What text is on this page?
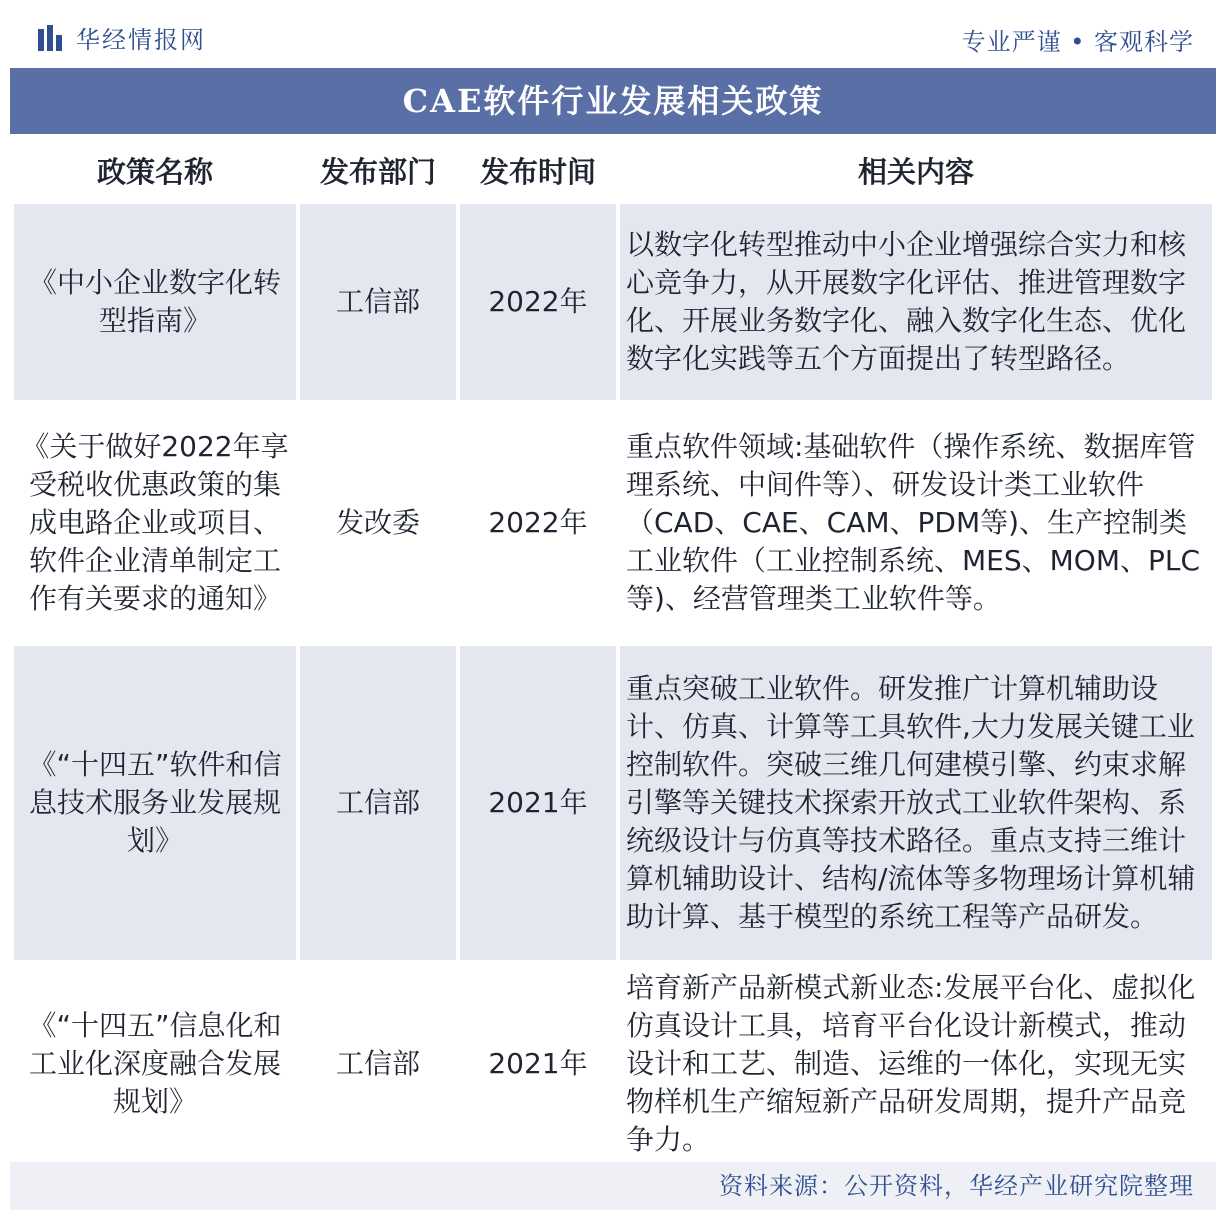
华经情报网	专业严谨 • 客观科学
CAE软件行业发展相关政策
政策名称	发布部门	发布时间	相关内容
《中小企业数字化转型指南》	工信部	2022年	以数字化转型推动中小企业增强综合实力和核心竞争力，从开展数字化评估、推进管理数字化、开展业务数字化、融入数字化生态、优化数字化实践等五个方面提出了转型路径。
《关于做好2022年享受税收优惠政策的集成电路企业或项目、软件企业清单制定工作有关要求的通知》	发改委	2022年	重点软件领域:基础软件（操作系统、数据库管理系统、中间件等）、研发设计类工业软件（CAD、CAE、CAM、PDM等)、生产控制类工业软件（工业控制系统、MES、MOM、PLC等)、经营管理类工业软件等。
《“十四五”软件和信息技术服务业发展规划》	工信部	2021年	重点突破工业软件。研发推广计算机辅助设计、仿真、计算等工具软件,大力发展关键工业控制软件。突破三维几何建模引擎、约束求解引擎等关键技术探索开放式工业软件架构、系统级设计与仿真等技术路径。重点支持三维计算机辅助设计、结构/流体等多物理场计算机辅助计算、基于模型的系统工程等产品研发。
《“十四五”信息化和工业化深度融合发展规划》	工信部	2021年	培育新产品新模式新业态:发展平台化、虚拟化仿真设计工具，培育平台化设计新模式，推动设计和工艺、制造、运维的一体化，实现无实物样机生产缩短新产品研发周期，提升产品竞争力。
资料来源：公开资料，华经产业研究院整理
